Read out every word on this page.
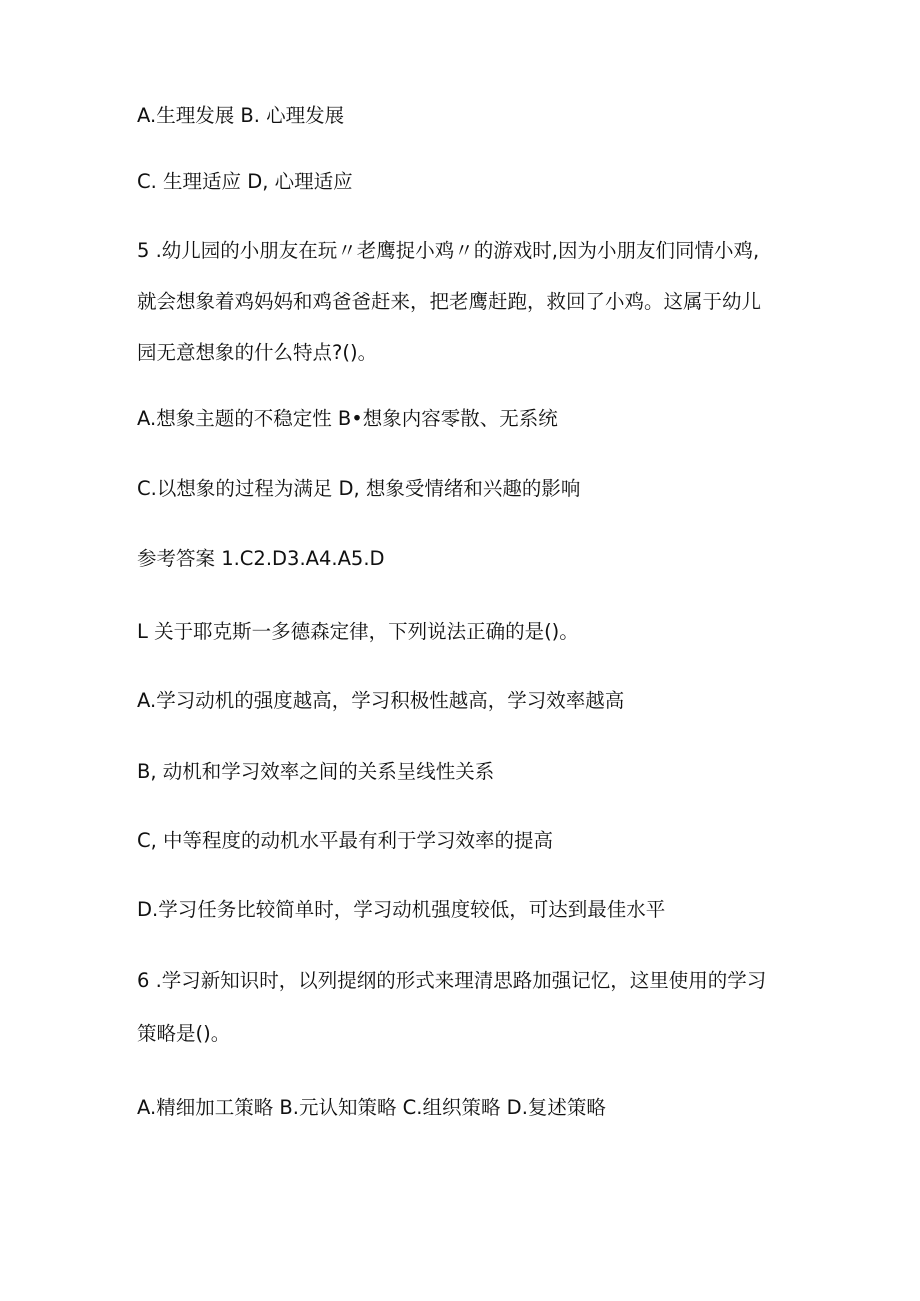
A.生理发展 B. 心理发展
C. 生理适应 D, 心理适应
5 .幼儿园的小朋友在玩〃老鹰捉小鸡〃的游戏时,因为小朋友们同情小鸡,
就会想象着鸡妈妈和鸡爸爸赶来，把老鹰赶跑，救回了小鸡。这属于幼儿
园无意想象的什么特点?()。
A.想象主题的不稳定性 B•想象内容零散、无系统
C.以想象的过程为满足 D, 想象受情绪和兴趣的影响
参考答案 1.C2.D3.A4.A5.D
L 关于耶克斯一多德森定律，下列说法正确的是()。
A.学习动机的强度越高，学习积极性越高，学习效率越高
B, 动机和学习效率之间的关系呈线性关系
C, 中等程度的动机水平最有利于学习效率的提高
D.学习任务比较简单时，学习动机强度较低，可达到最佳水平
6 .学习新知识时，以列提纲的形式来理清思路加强记忆，这里使用的学习
策略是()。
A.精细加工策略 B.元认知策略 C.组织策略 D.复述策略
